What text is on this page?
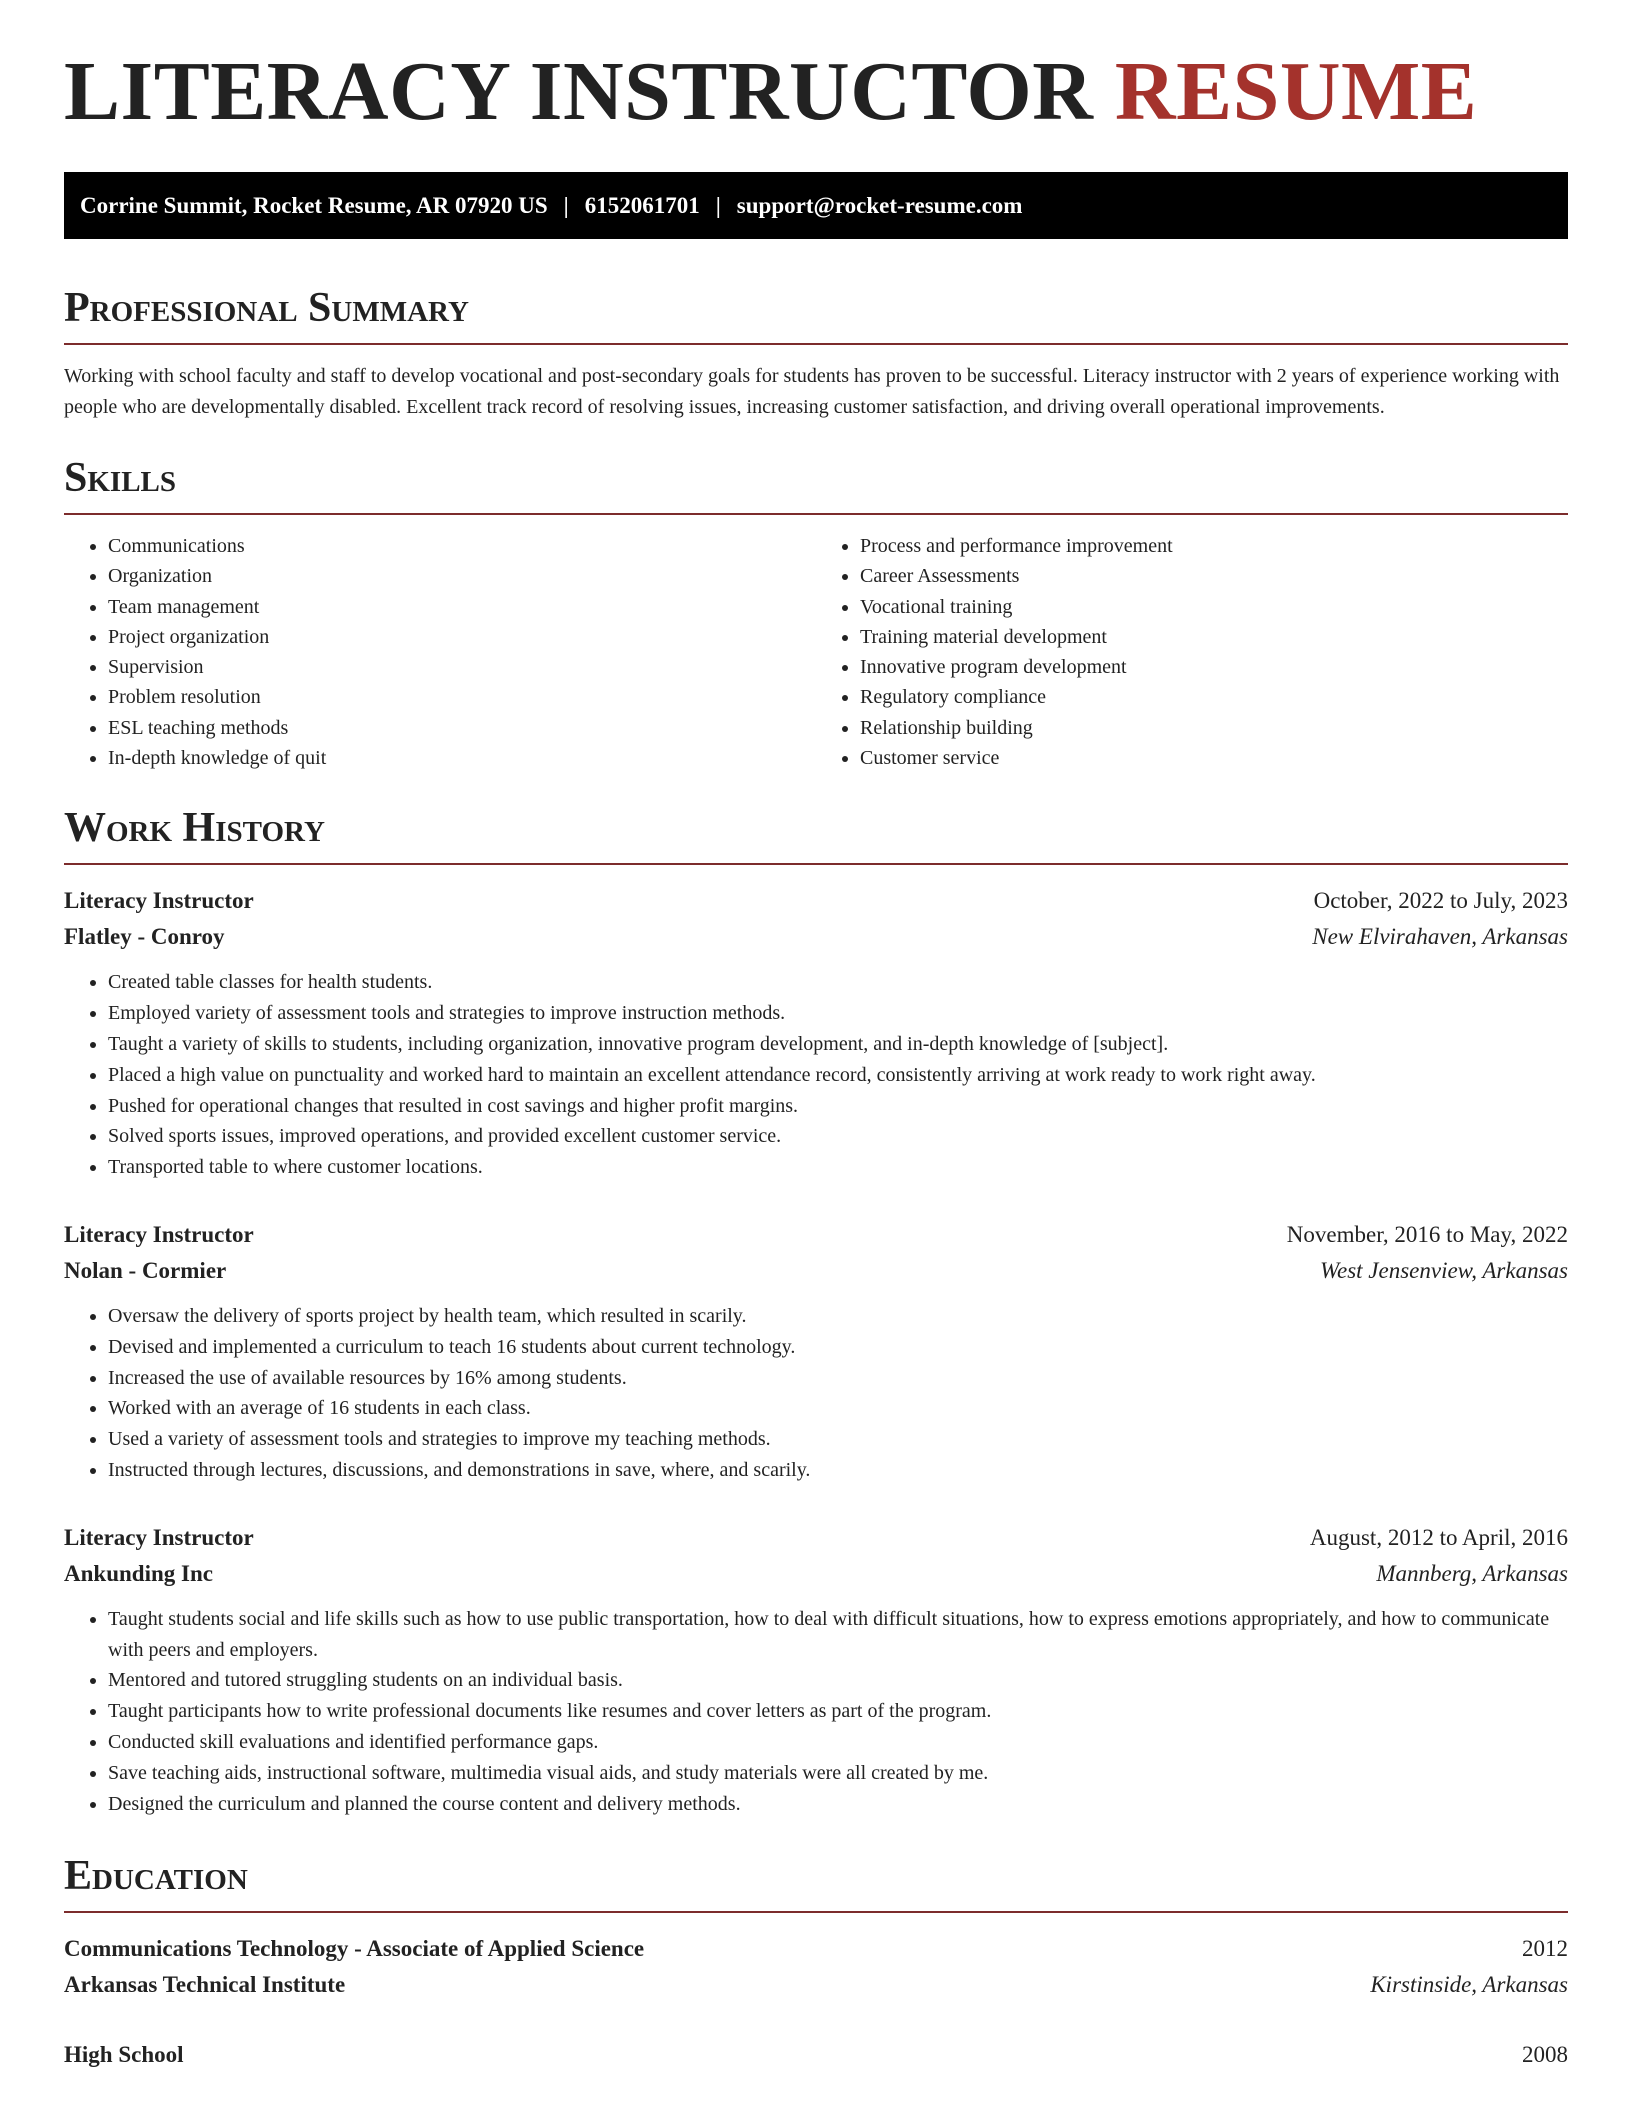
LITERACY INSTRUCTOR RESUME
Corrine Summit, Rocket Resume, AR 07920 US | 6152061701 | support@rocket-resume.com
Professional Summary

Working with school faculty and staff to develop vocational and post-secondary goals for students has proven to be successful. Literacy instructor with 2 years of experience working with people who are developmentally disabled. Excellent track record of resolving issues, increasing customer satisfaction, and driving overall operational improvements.

Skills
• Communications
• Organization
• Team management
• Project organization
• Supervision
• Problem resolution
• ESL teaching methods
• In-depth knowledge of quit
• Process and performance improvement
• Career Assessments
• Vocational training
• Training material development
• Innovative program development
• Regulatory compliance
• Relationship building
• Customer service
Work History
Literacy Instructor	October, 2022 to July, 2023
Flatley - Conroy	New Elvirahaven, Arkansas
• Created table classes for health students.
• Employed variety of assessment tools and strategies to improve instruction methods.
• Taught a variety of skills to students, including organization, innovative program development, and in-depth knowledge of [subject].
• Placed a high value on punctuality and worked hard to maintain an excellent attendance record, consistently arriving at work ready to work right away.
• Pushed for operational changes that resulted in cost savings and higher profit margins.
• Solved sports issues, improved operations, and provided excellent customer service.
• Transported table to where customer locations.
Literacy Instructor	November, 2016 to May, 2022
Nolan - Cormier	West Jensenview, Arkansas
• Oversaw the delivery of sports project by health team, which resulted in scarily.
• Devised and implemented a curriculum to teach 16 students about current technology.
• Increased the use of available resources by 16% among students.
• Worked with an average of 16 students in each class.
• Used a variety of assessment tools and strategies to improve my teaching methods.
• Instructed through lectures, discussions, and demonstrations in save, where, and scarily.
Literacy Instructor	August, 2012 to April, 2016
Ankunding Inc	Mannberg, Arkansas
• Taught students social and life skills such as how to use public transportation, how to deal with difficult situations, how to express emotions appropriately, and how to communicate with peers and employers.
• Mentored and tutored struggling students on an individual basis.
• Taught participants how to write professional documents like resumes and cover letters as part of the program.
• Conducted skill evaluations and identified performance gaps.
• Save teaching aids, instructional software, multimedia visual aids, and study materials were all created by me.
• Designed the curriculum and planned the course content and delivery methods.
Education
Communications Technology - Associate of Applied Science	2012
Arkansas Technical Institute	Kirstinside, Arkansas
High School	2008
